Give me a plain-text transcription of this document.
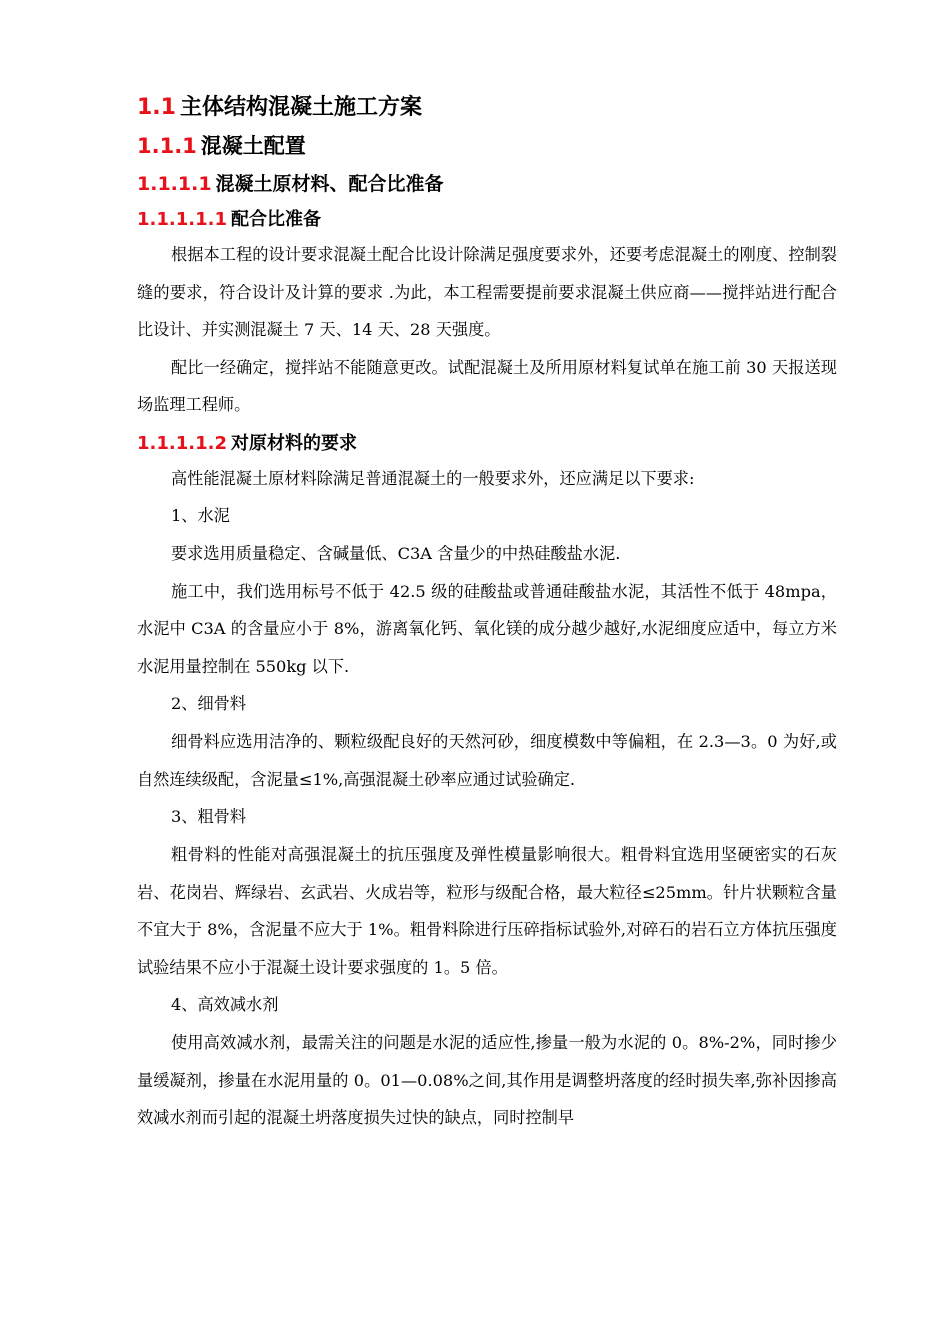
1.1 主体结构混凝土施工方案
1.1.1 混凝土配置
1.1.1.1 混凝土原材料、配合比准备
1.1.1.1.1 配合比准备

根据本工程的设计要求混凝土配合比设计除满足强度要求外，还要考虑混凝土的刚度、控制裂缝的要求，符合设计及计算的要求 .为此，本工程需要提前要求混凝土供应商——搅拌站进行配合比设计、并实测混凝土 7 天、14 天、28 天强度。

配比一经确定，搅拌站不能随意更改。试配混凝土及所用原材料复试单在施工前 30 天报送现场监理工程师。

1.1.1.1.2 对原材料的要求

高性能混凝土原材料除满足普通混凝土的一般要求外，还应满足以下要求:

1、水泥

要求选用质量稳定、含碱量低、C3A 含量少的中热硅酸盐水泥.

施工中，我们选用标号不低于 42.5 级的硅酸盐或普通硅酸盐水泥，其活性不低于 48mpa，水泥中 C3A 的含量应小于 8%，游离氧化钙、氧化镁的成分越少越好,水泥细度应适中，每立方米水泥用量控制在 550kg 以下.

2、细骨料

细骨料应选用洁净的、颗粒级配良好的天然河砂，细度模数中等偏粗，在 2.3—3。0 为好,或自然连续级配，含泥量≤1%,高强混凝土砂率应通过试验确定.

3、粗骨料

粗骨料的性能对高强混凝土的抗压强度及弹性模量影响很大。粗骨料宜选用坚硬密实的石灰岩、花岗岩、辉绿岩、玄武岩、火成岩等，粒形与级配合格，最大粒径≤25mm。针片状颗粒含量不宜大于 8%，含泥量不应大于 1%。粗骨料除进行压碎指标试验外,对碎石的岩石立方体抗压强度试验结果不应小于混凝土设计要求强度的 1。5 倍。

4、高效减水剂

使用高效减水剂，最需关注的问题是水泥的适应性,掺量一般为水泥的 0。8%-2%，同时掺少量缓凝剂，掺量在水泥用量的 0。01—0.08%之间,其作用是调整坍落度的经时损失率,弥补因掺高效减水剂而引起的混凝土坍落度损失过快的缺点，同时控制早
